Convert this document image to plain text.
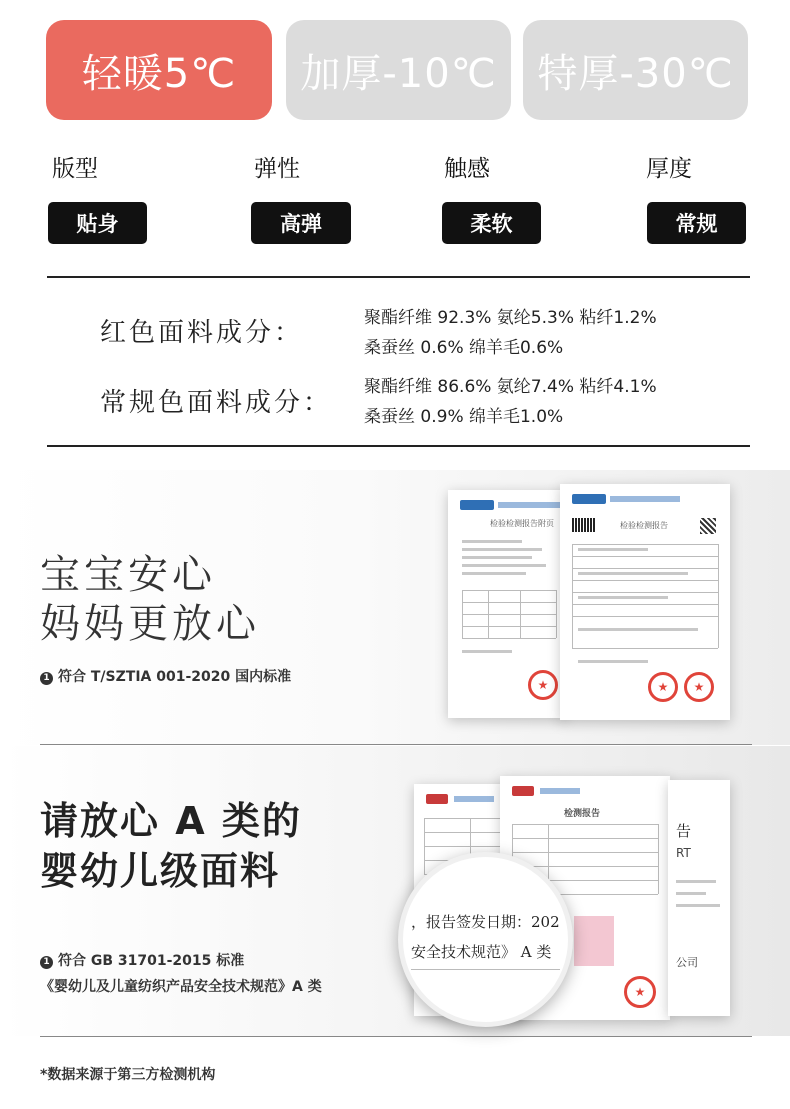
轻暖5℃	加厚-10℃	特厚-30℃
版型	弹性	触感	厚度
贴身	高弹	柔软	常规
红色面料成分：	聚酯纤维 92.3% 氨纶5.3% 粘纤1.2%
桑蚕丝 0.6% 绵羊毛0.6%
常规色面料成分：
聚酯纤维 86.6% 氨纶7.4% 粘纤4.1%
桑蚕丝 0.9% 绵羊毛1.0%
宝宝安心
妈妈更放心
1 符合 T/SZTIA 001-2020 国内标准
检验检测报告附页
★	检验检测报告
★
★
请放心 A 类的
婴幼儿级面料
1 符合 GB 31701-2015 标准
《婴幼儿及儿童纺织产品安全技术规范》A 类
检测报告
★
告
RT
公司
，报告签发日期：202
安全技术规范》 A 类
*数据来源于第三方检测机构
